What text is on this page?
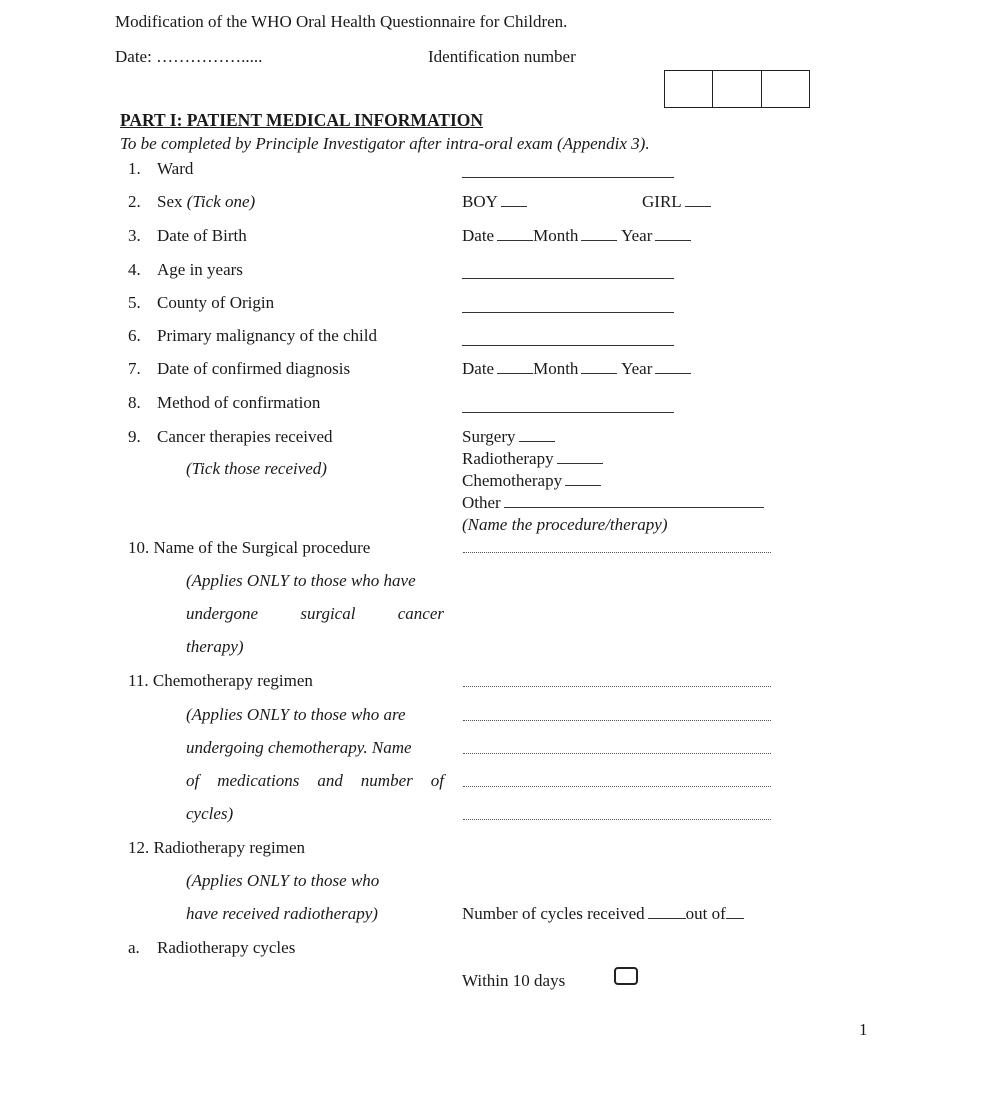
Modification of the WHO Oral Health Questionnaire for Children.
Date: …………….....	Identification number
PART I: PATIENT MEDICAL INFORMATION
To be completed by Principle Investigator after intra-oral exam (Appendix 3).
1. Ward
2. Sex (Tick one)	BOY	GIRL
3. Date of Birth	Date Month	Year
4. Age in years
5. County of Origin
6. Primary malignancy of the child
7. Date of confirmed diagnosis	Date Month	Year
8. Method of confirmation
9. Cancer therapies received
(Tick those received)
Surgery
Radiotherapy
Chemotherapy
Other
(Name the procedure/therapy)
10. Name of the Surgical procedure
(Applies ONLY to those who have
undergone surgical cancer
therapy)
11. Chemotherapy regimen
(Applies ONLY to those who are
undergoing chemotherapy. Name
of medications and number of
cycles)
12. Radiotherapy regimen
(Applies ONLY to those who
have received radiotherapy)	Number of cycles received out of
a. Radiotherapy cycles
Within 10 days
1
